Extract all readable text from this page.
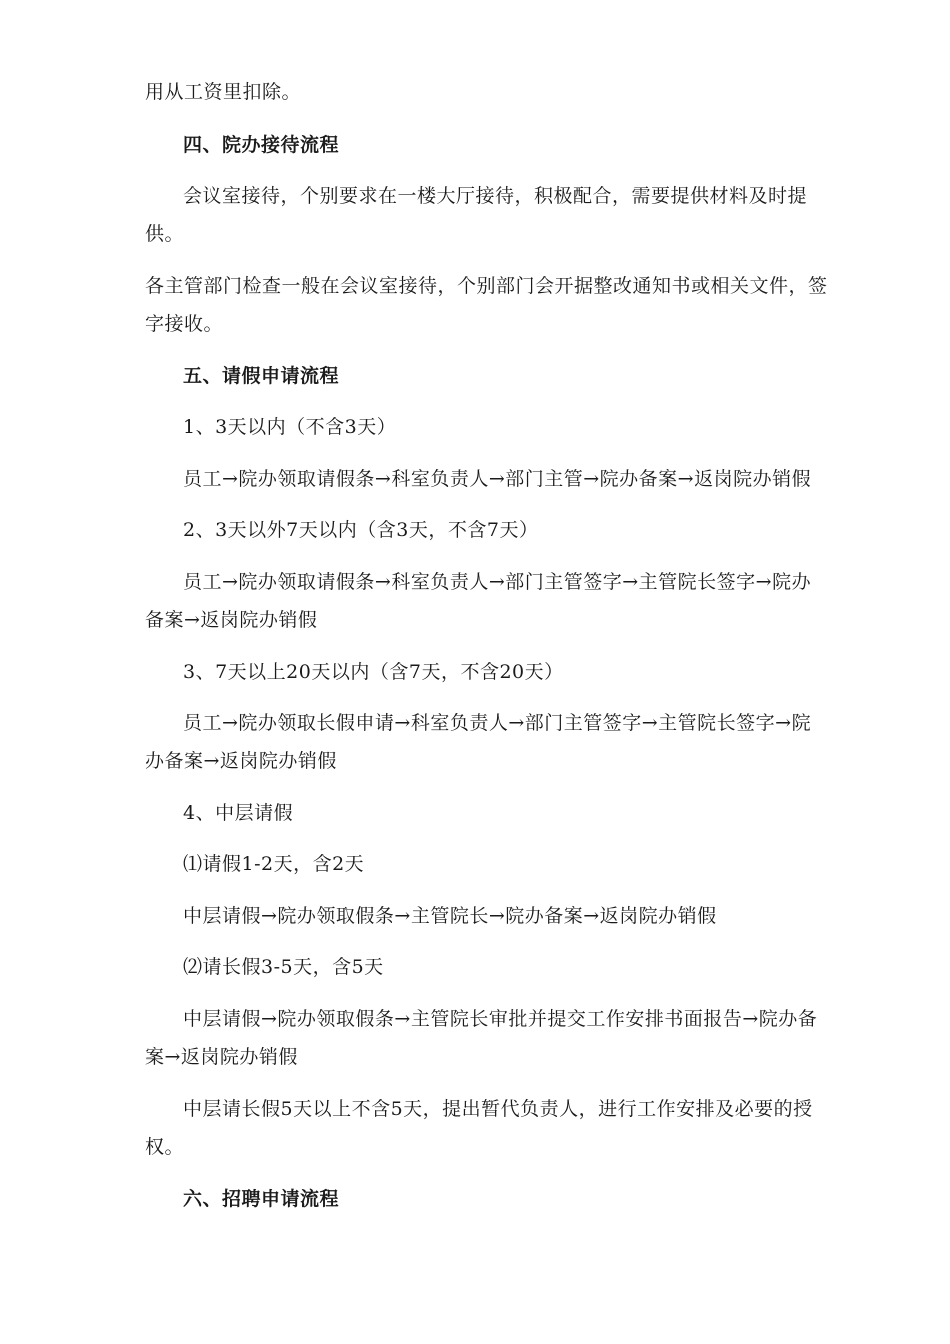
用从工资里扣除。
四、院办接待流程
会议室接待，个别要求在一楼大厅接待，积极配合，需要提供材料及时提
供。
各主管部门检查一般在会议室接待，个别部门会开据整改通知书或相关文件，签
字接收。
五、请假申请流程
1、3天以内（不含3天）
员工→院办领取请假条→科室负责人→部门主管→院办备案→返岗院办销假
2、3天以外7天以内（含3天，不含7天）
员工→院办领取请假条→科室负责人→部门主管签字→主管院长签字→院办
备案→返岗院办销假
3、7天以上20天以内（含7天，不含20天）
员工→院办领取长假申请→科室负责人→部门主管签字→主管院长签字→院
办备案→返岗院办销假
4、中层请假
⑴请假1-2天，含2天
中层请假→院办领取假条→主管院长→院办备案→返岗院办销假
⑵请长假3-5天，含5天
中层请假→院办领取假条→主管院长审批并提交工作安排书面报告→院办备
案→返岗院办销假
中层请长假5天以上不含5天，提出暂代负责人，进行工作安排及必要的授
权。
六、招聘申请流程
